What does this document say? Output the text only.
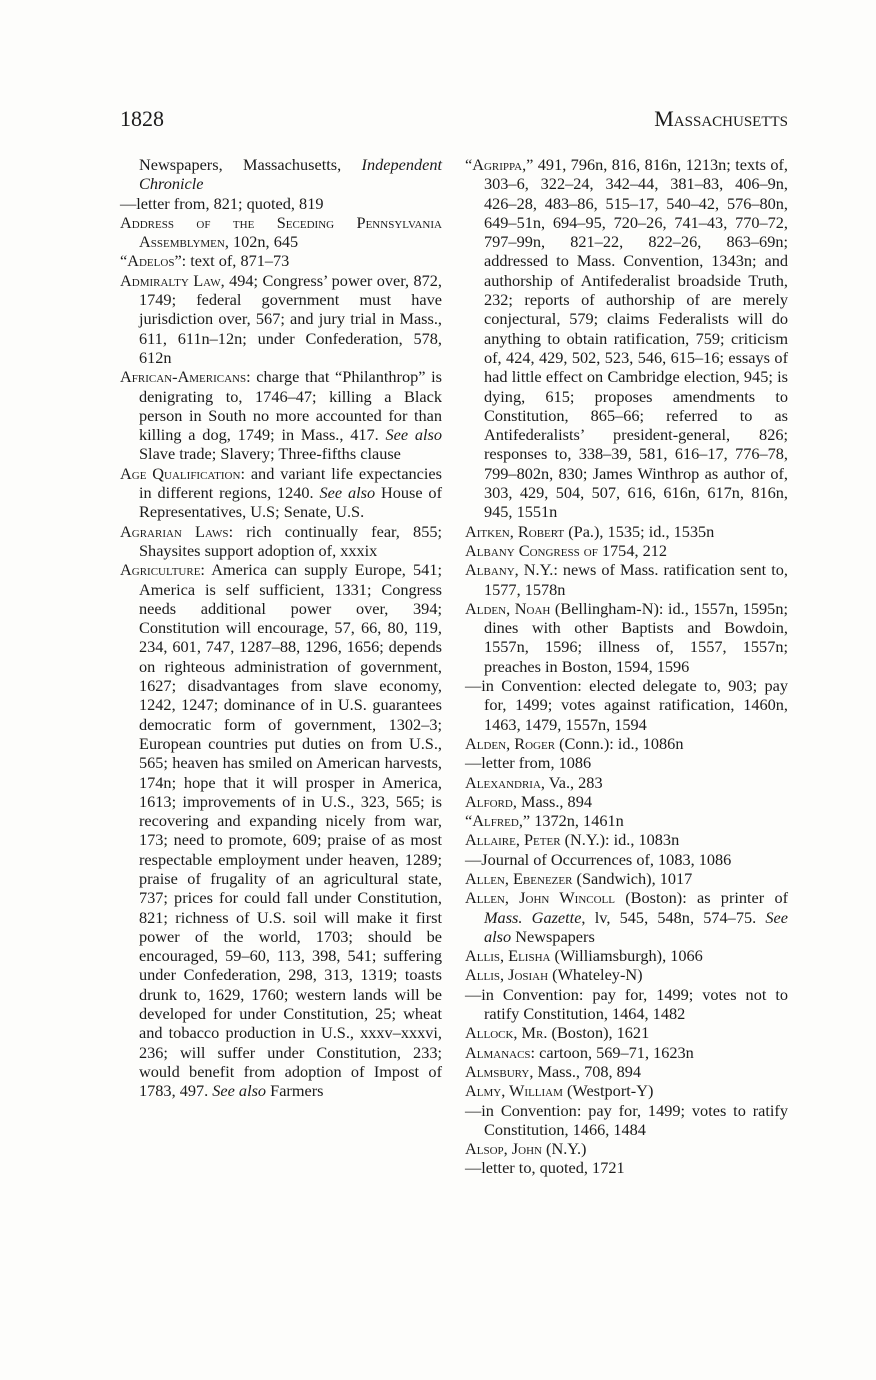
1828	Massachusetts

Newspapers, Massachusetts, Independent Chronicle

—letter from, 821; quoted, 819

Address of the Seceding Pennsylvania Assemblymen, 102n, 645

“Adelos”: text of, 871–73

Admiralty Law, 494; Congress’ power over, 872, 1749; federal government must have jurisdiction over, 567; and jury trial in Mass., 611, 611n–12n; under Confederation, 578, 612n

African-Americans: charge that “Philanthrop” is denigrating to, 1746–47; killing a Black person in South no more accounted for than killing a dog, 1749; in Mass., 417. See also Slave trade; Slavery; Three-fifths clause

Age Qualification: and variant life expectancies in different regions, 1240. See also House of Representatives, U.S; Senate, U.S.

Agrarian Laws: rich continually fear, 855; Shaysites support adoption of, xxxix

Agriculture: America can supply Europe, 541; America is self sufficient, 1331; Congress needs additional power over, 394; Constitution will encourage, 57, 66, 80, 119, 234, 601, 747, 1287–88, 1296, 1656; depends on righteous administration of government, 1627; disadvantages from slave economy, 1242, 1247; dominance of in U.S. guarantees democratic form of government, 1302–3; European countries put duties on from U.S., 565; heaven has smiled on American harvests, 174n; hope that it will prosper in America, 1613; improvements of in U.S., 323, 565; is recovering and expanding nicely from war, 173; need to promote, 609; praise of as most respectable employment under heaven, 1289; praise of frugality of an agricultural state, 737; prices for could fall under Constitution, 821; richness of U.S. soil will make it first power of the world, 1703; should be encouraged, 59–60, 113, 398, 541; suffering under Confederation, 298, 313, 1319; toasts drunk to, 1629, 1760; western lands will be developed for under Constitution, 25; wheat and tobacco production in U.S., xxxv–xxxvi, 236; will suffer under Constitution, 233; would benefit from adoption of Impost of 1783, 497. See also Farmers

“Agrippa,” 491, 796n, 816, 816n, 1213n; texts of, 303–6, 322–24, 342–44, 381–83, 406–9n, 426–28, 483–86, 515–17, 540–42, 576–80n, 649–51n, 694–95, 720–26, 741–43, 770–72, 797–99n, 821–22, 822–26, 863–69n; addressed to Mass. Convention, 1343n; and authorship of Antifederalist broadside Truth, 232; reports of authorship of are merely conjectural, 579; claims Federalists will do anything to obtain ratification, 759; criticism of, 424, 429, 502, 523, 546, 615–16; essays of had little effect on Cambridge election, 945; is dying, 615; proposes amendments to Constitution, 865–66; referred to as Antifederalists’ president-general, 826; responses to, 338–39, 581, 616–17, 776–78, 799–802n, 830; James Winthrop as author of, 303, 429, 504, 507, 616, 616n, 617n, 816n, 945, 1551n

Aitken, Robert (Pa.), 1535; id., 1535n

Albany Congress of 1754, 212

Albany, N.Y.: news of Mass. ratification sent to, 1577, 1578n

Alden, Noah (Bellingham-N): id., 1557n, 1595n; dines with other Baptists and Bowdoin, 1557n, 1596; illness of, 1557, 1557n; preaches in Boston, 1594, 1596

—in Convention: elected delegate to, 903; pay for, 1499; votes against ratification, 1460n, 1463, 1479, 1557n, 1594

Alden, Roger (Conn.): id., 1086n

—letter from, 1086

Alexandria, Va., 283

Alford, Mass., 894

“Alfred,” 1372n, 1461n

Allaire, Peter (N.Y.): id., 1083n

—Journal of Occurrences of, 1083, 1086

Allen, Ebenezer (Sandwich), 1017

Allen, John Wincoll (Boston): as printer of Mass. Gazette, lv, 545, 548n, 574–75. See also Newspapers

Allis, Elisha (Williamsburgh), 1066

Allis, Josiah (Whateley-N)

—in Convention: pay for, 1499; votes not to ratify Constitution, 1464, 1482

Allock, Mr. (Boston), 1621

Almanacs: cartoon, 569–71, 1623n

Almsbury, Mass., 708, 894

Almy, William (Westport-Y)

—in Convention: pay for, 1499; votes to ratify Constitution, 1466, 1484

Alsop, John (N.Y.)

—letter to, quoted, 1721
